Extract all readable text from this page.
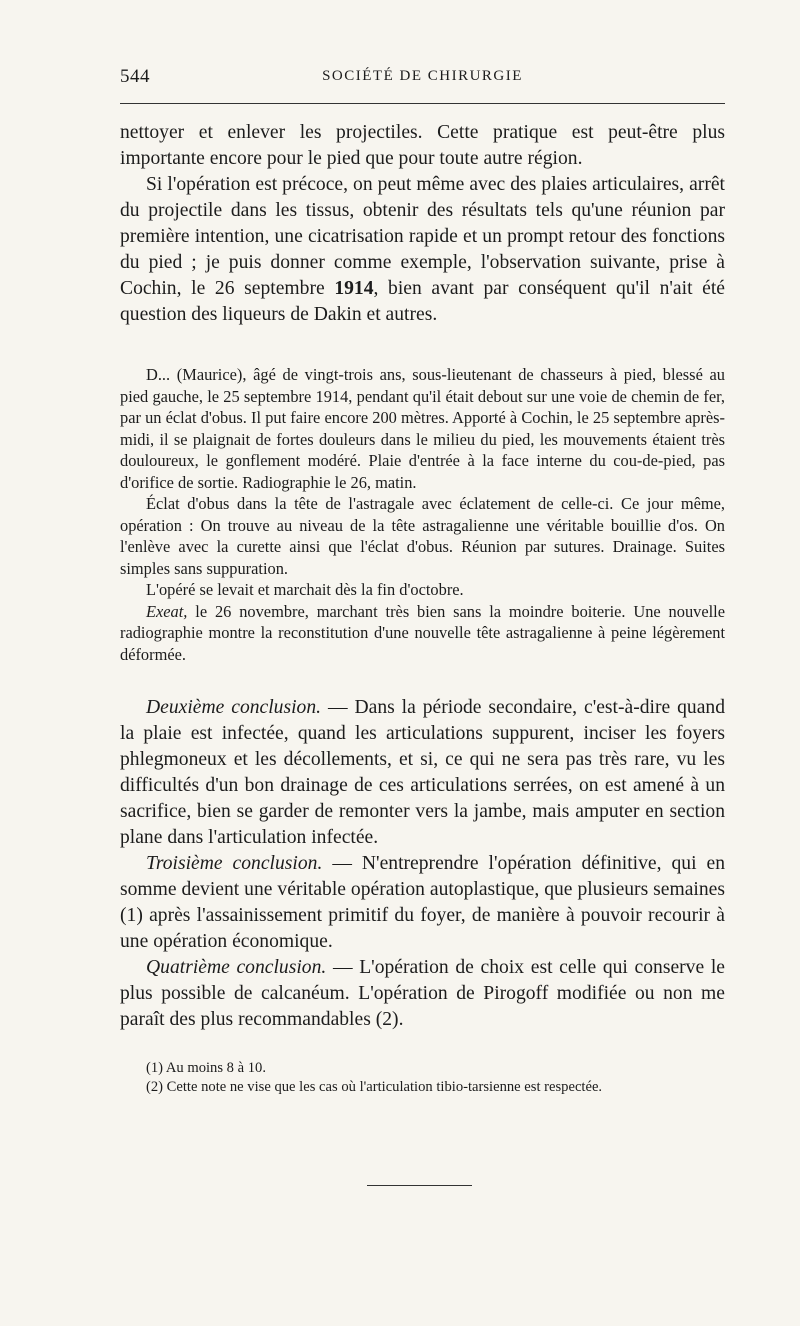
544	SOCIÉTÉ DE CHIRURGIE

nettoyer et enlever les projectiles. Cette pratique est peut-être plus importante encore pour le pied que pour toute autre région.

Si l'opération est précoce, on peut même avec des plaies articulaires, arrêt du projectile dans les tissus, obtenir des résultats tels qu'une réunion par première intention, une cicatrisation rapide et un prompt retour des fonctions du pied ; je puis donner comme exemple, l'observation suivante, prise à Cochin, le 26 septembre 1914, bien avant par conséquent qu'il n'ait été question des liqueurs de Dakin et autres.

D... (Maurice), âgé de vingt-trois ans, sous-lieutenant de chasseurs à pied, blessé au pied gauche, le 25 septembre 1914, pendant qu'il était debout sur une voie de chemin de fer, par un éclat d'obus. Il put faire encore 200 mètres. Apporté à Cochin, le 25 septembre après-midi, il se plaignait de fortes douleurs dans le milieu du pied, les mouvements étaient très douloureux, le gonflement modéré. Plaie d'entrée à la face interne du cou-de-pied, pas d'orifice de sortie. Radiographie le 26, matin.

Éclat d'obus dans la tête de l'astragale avec éclatement de celle-ci. Ce jour même, opération : On trouve au niveau de la tête astragalienne une véritable bouillie d'os. On l'enlève avec la curette ainsi que l'éclat d'obus. Réunion par sutures. Drainage. Suites simples sans suppuration.

L'opéré se levait et marchait dès la fin d'octobre.

Exeat, le 26 novembre, marchant très bien sans la moindre boiterie. Une nouvelle radiographie montre la reconstitution d'une nouvelle tête astragalienne à peine légèrement déformée.

Deuxième conclusion. — Dans la période secondaire, c'est-à-dire quand la plaie est infectée, quand les articulations suppurent, inciser les foyers phlegmoneux et les décollements, et si, ce qui ne sera pas très rare, vu les difficultés d'un bon drainage de ces articulations serrées, on est amené à un sacrifice, bien se garder de remonter vers la jambe, mais amputer en section plane dans l'articulation infectée.

Troisième conclusion. — N'entreprendre l'opération définitive, qui en somme devient une véritable opération autoplastique, que plusieurs semaines (1) après l'assainissement primitif du foyer, de manière à pouvoir recourir à une opération économique.

Quatrième conclusion. — L'opération de choix est celle qui conserve le plus possible de calcanéum. L'opération de Pirogoff modifiée ou non me paraît des plus recommandables (2).

(1) Au moins 8 à 10.

(2) Cette note ne vise que les cas où l'articulation tibio-tarsienne est respectée.
